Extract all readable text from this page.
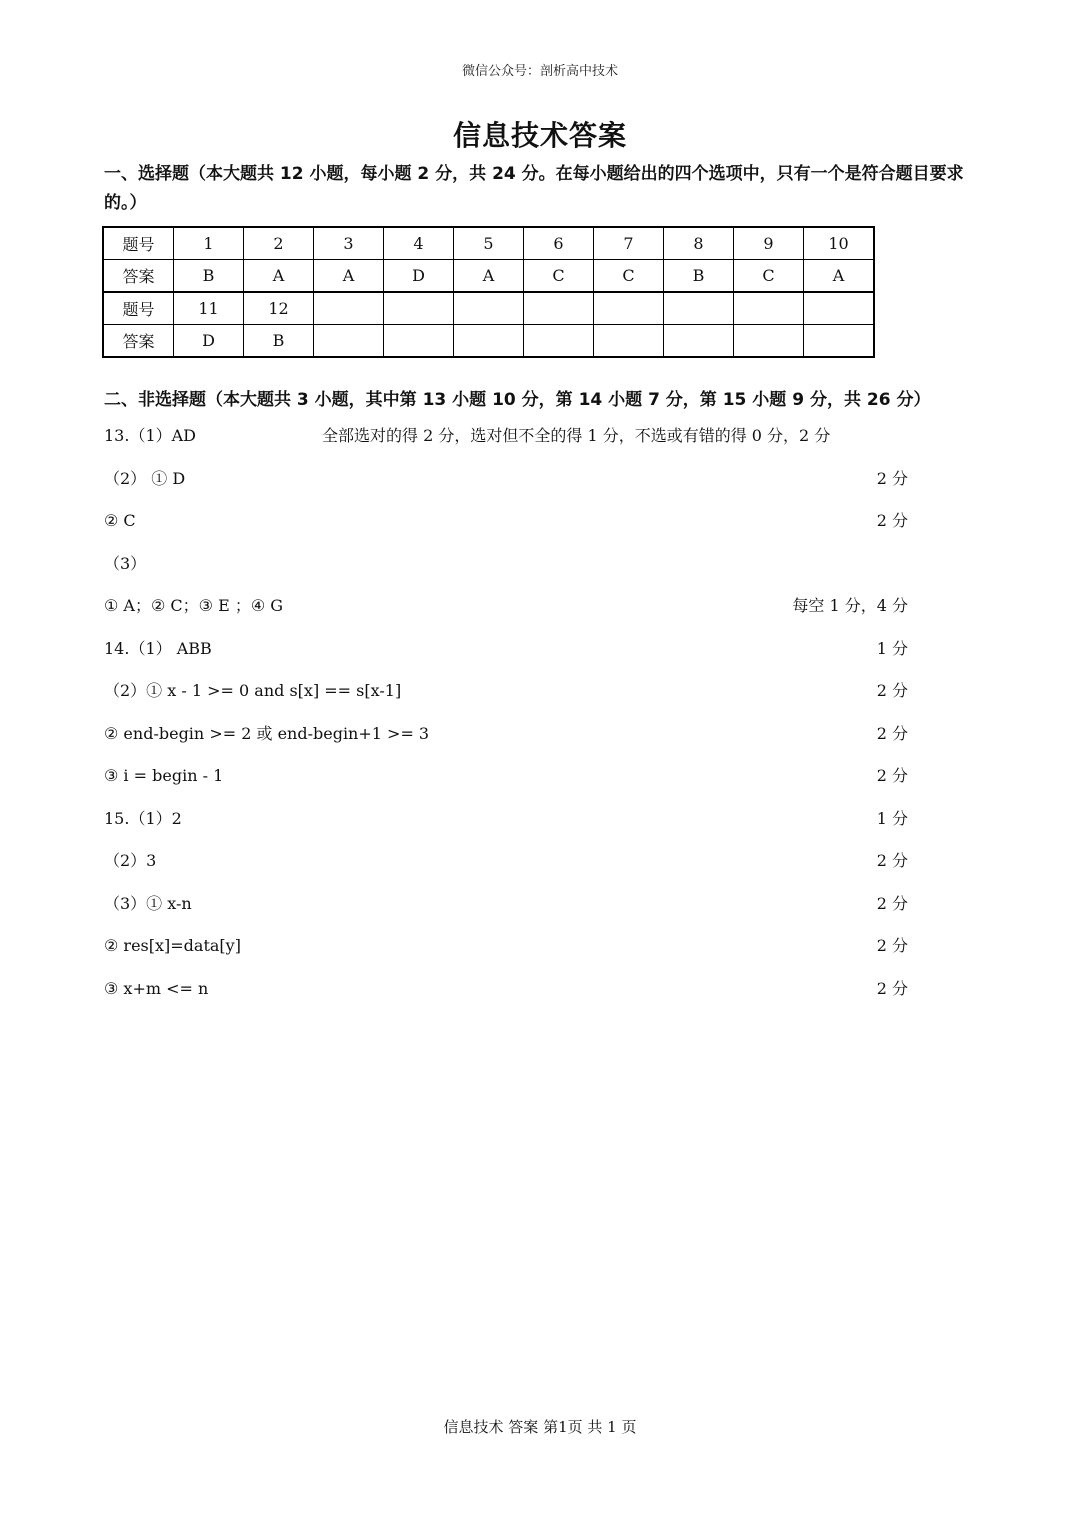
微信公众号：剖析高中技术
信息技术答案
一、选择题（本大题共 12 小题，每小题 2 分，共 24 分。在每小题给出的四个选项中，只有一个是符合题目要求的。）
题号	1	2	3	4	5	6	7	8	9	10
答案	B	A	A	D	A	C	C	B	C	A
题号	11	12								
答案	D	B								
二、非选择题（本大题共 3 小题，其中第 13 小题 10 分，第 14 小题 7 分，第 15 小题 9 分，共 26 分）
13.（1）AD	全部选对的得 2 分，选对但不全的得 1 分，不选或有错的得 0 分，2 分
（2） ① D	2 分
② C	2 分
（3）
① A；② C；③ E ；④ G	每空 1 分，4 分
14.（1） ABB	1 分
（2）① x - 1 >= 0 and s[x] == s[x-1]	2 分
② end-begin >= 2 或 end-begin+1 >= 3	2 分
③ i = begin - 1	2 分
15.（1）2	1 分
（2）3	2 分
（3）① x-n	2 分
② res[x]=data[y]	2 分
③ x+m <= n	2 分
信息技术 答案 第1页 共 1 页
